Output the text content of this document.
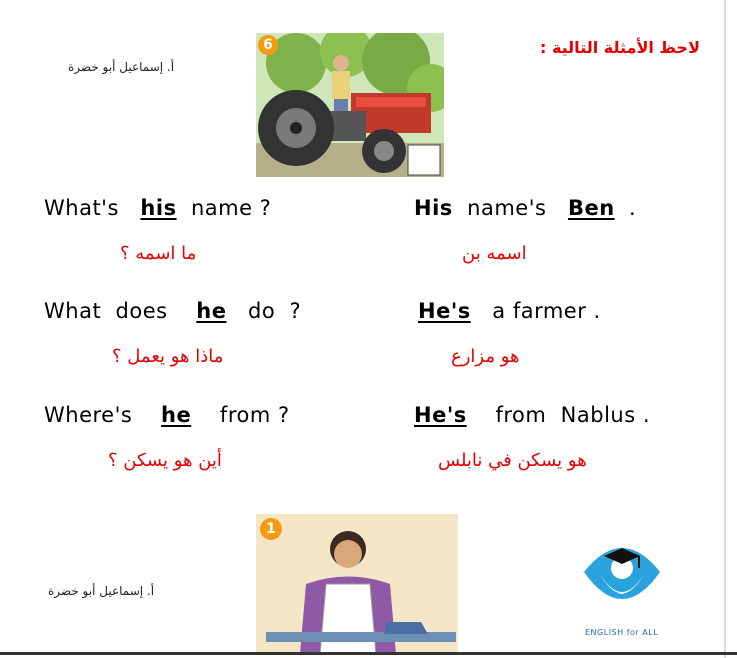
أ. إسماعيل أبو خضرة
لاحظ الأمثلة التالية :
6
What's his name ?	His name's Ben .
ما اسمه ؟	اسمه بن
What  does he do  ?	He's a farmer .
ماذا هو يعمل ؟	هو مزارع
Where's he from ?	He's from  Nablus .
أين هو يسكن ؟	هو يسكن في نابلس
1
أ. إسماعيل أبو خضرة
ENGLISH for ALL
